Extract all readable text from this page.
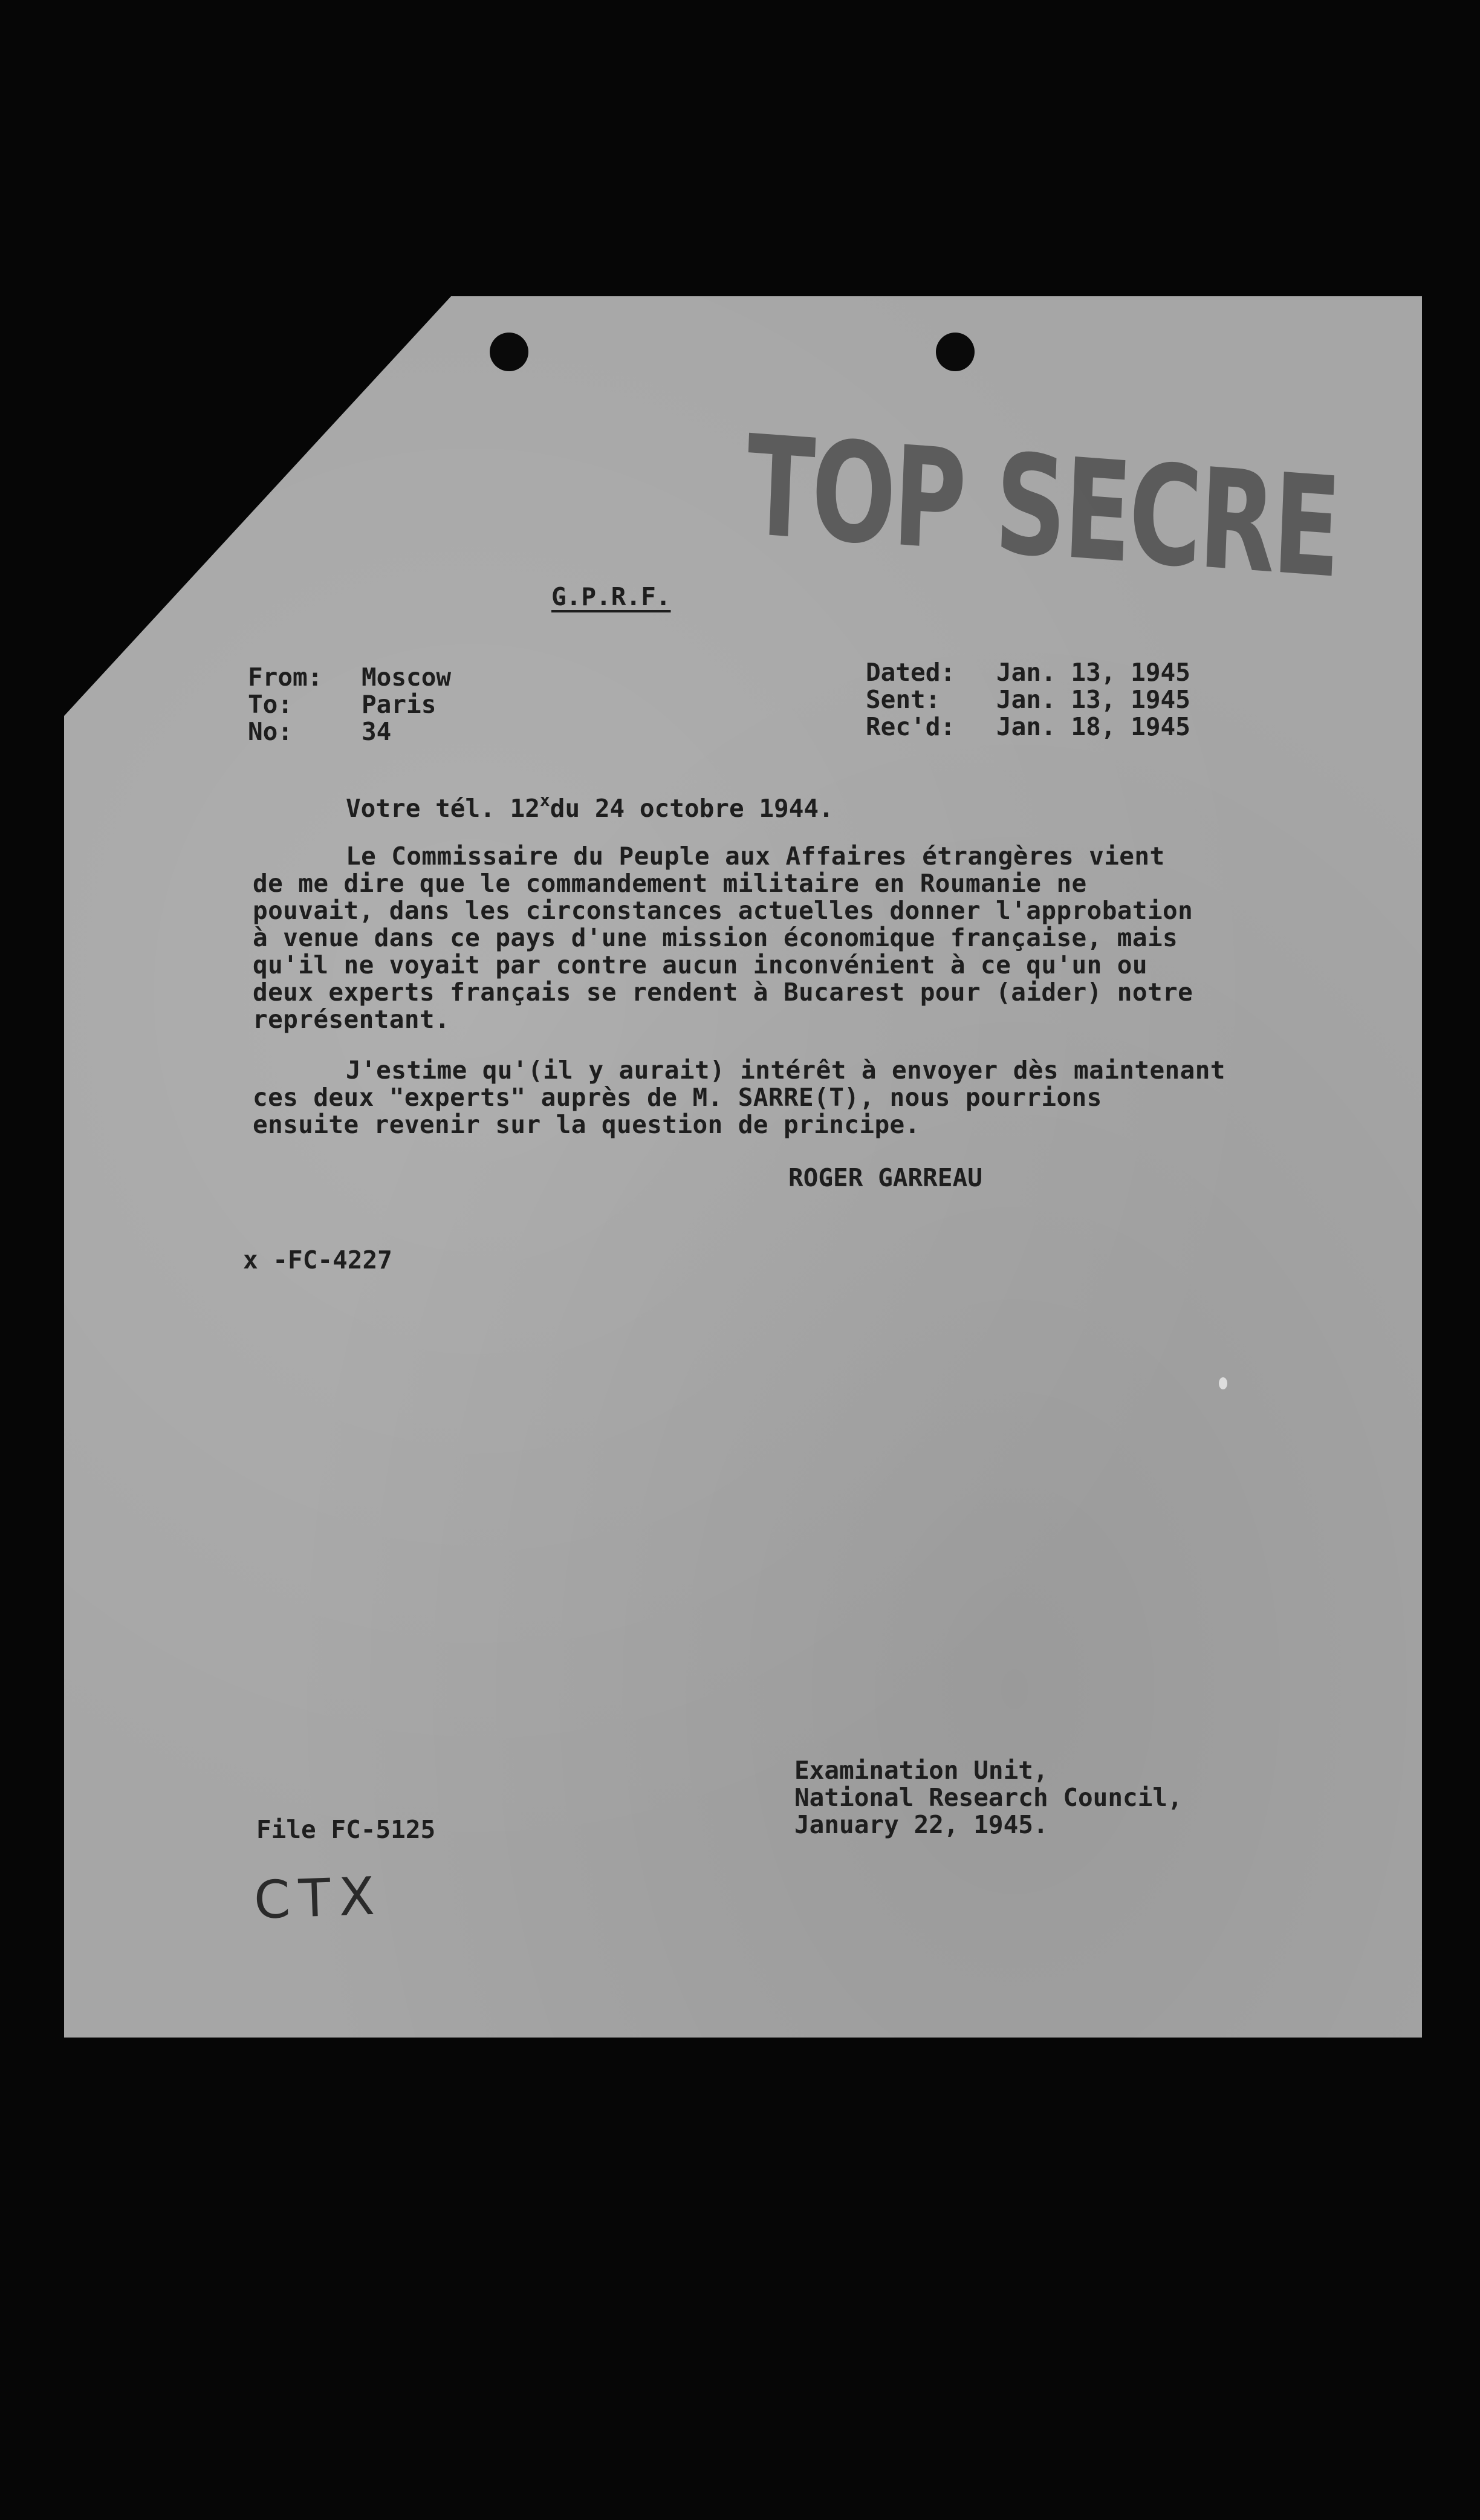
TOP SECRE
G.P.R.F.
From: Moscow
To:	Paris
No:	34
Dated: Jan. 13, 1945
Sent: Jan. 13, 1945
Rec'd: Jan. 18, 1945
Votre tél. 12$^x$du 24 octobre 1944.
Le Commissaire du Peuple aux Affaires étrangères vient
de me dire que le commandement militaire en Roumanie ne
pouvait, dans les circonstances actuelles donner l'approbation
à venue dans ce pays d'une mission économique française, mais
qu'il ne voyait par contre aucun inconvénient à ce qu'un ou
deux experts français se rendent à Bucarest pour (aider) notre
représentant.
J'estime qu'(il y aurait) intérêt à envoyer dès maintenant
ces deux "experts" auprès de M. SARRE(T), nous pourrions
ensuite revenir sur la question de principe.
ROGER GARREAU
x -FC-4227
Examination Unit,
National Research Council,
January 22, 1945.
File FC-5125
CTX
